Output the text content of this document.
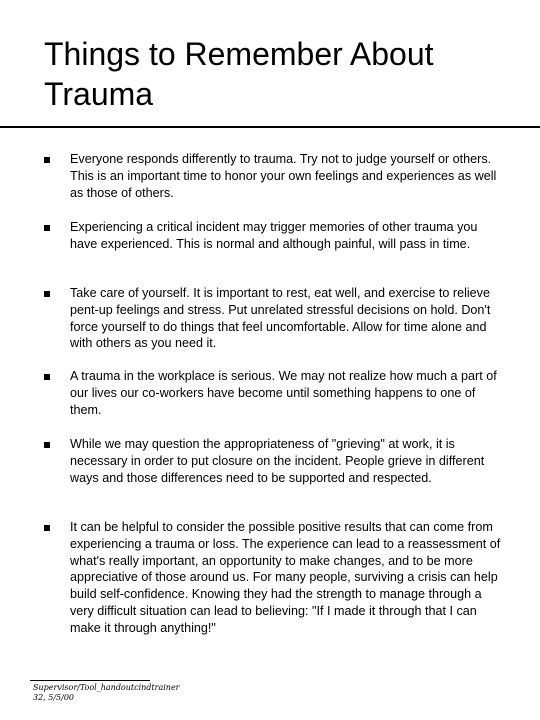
Things to Remember About Trauma

Everyone responds differently to trauma. Try not to judge yourself or others. This is an important time to honor your own feelings and experiences as well as those of others.

Experiencing a critical incident may trigger memories of other trauma you have experienced. This is normal and although painful, will pass in time.

Take care of yourself. It is important to rest, eat well, and exercise to relieve pent-up feelings and stress. Put unrelated stressful decisions on hold. Don't force yourself to do things that feel uncomfortable. Allow for time alone and with others as you need it.

A trauma in the workplace is serious. We may not realize how much a part of our lives our co-workers have become until something happens to one of them.

While we may question the appropriateness of "grieving" at work, it is necessary in order to put closure on the incident. People grieve in different ways and those differences need to be supported and respected.

It can be helpful to consider the possible positive results that can come from experiencing a trauma or loss. The experience can lead to a reassessment of what's really important, an opportunity to make changes, and to be more appreciative of those around us. For many people, surviving a crisis can help build self-confidence. Knowing they had the strength to manage through a very difficult situation can lead to believing: "If I made it through that I can make it through anything!"

Supervisor/Tool_handoutcindtrainer
32, 5/5/00
